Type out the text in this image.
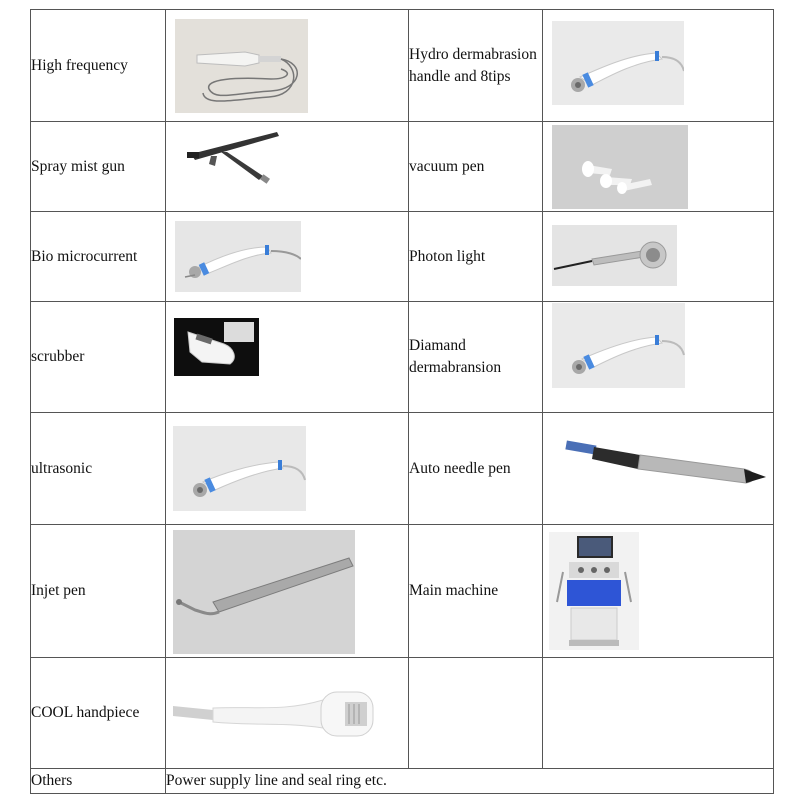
High frequency		Hydro dermabrasion handle and 8tips	

Spray mist gun		vacuum pen	

Bio microcurrent		Photon light	

scrubber		Diamand dermabransion	

ultrasonic		Auto needle pen	

Injet pen		Main machine	

COOL handpiece	

Others	Power supply line and seal ring etc.		
